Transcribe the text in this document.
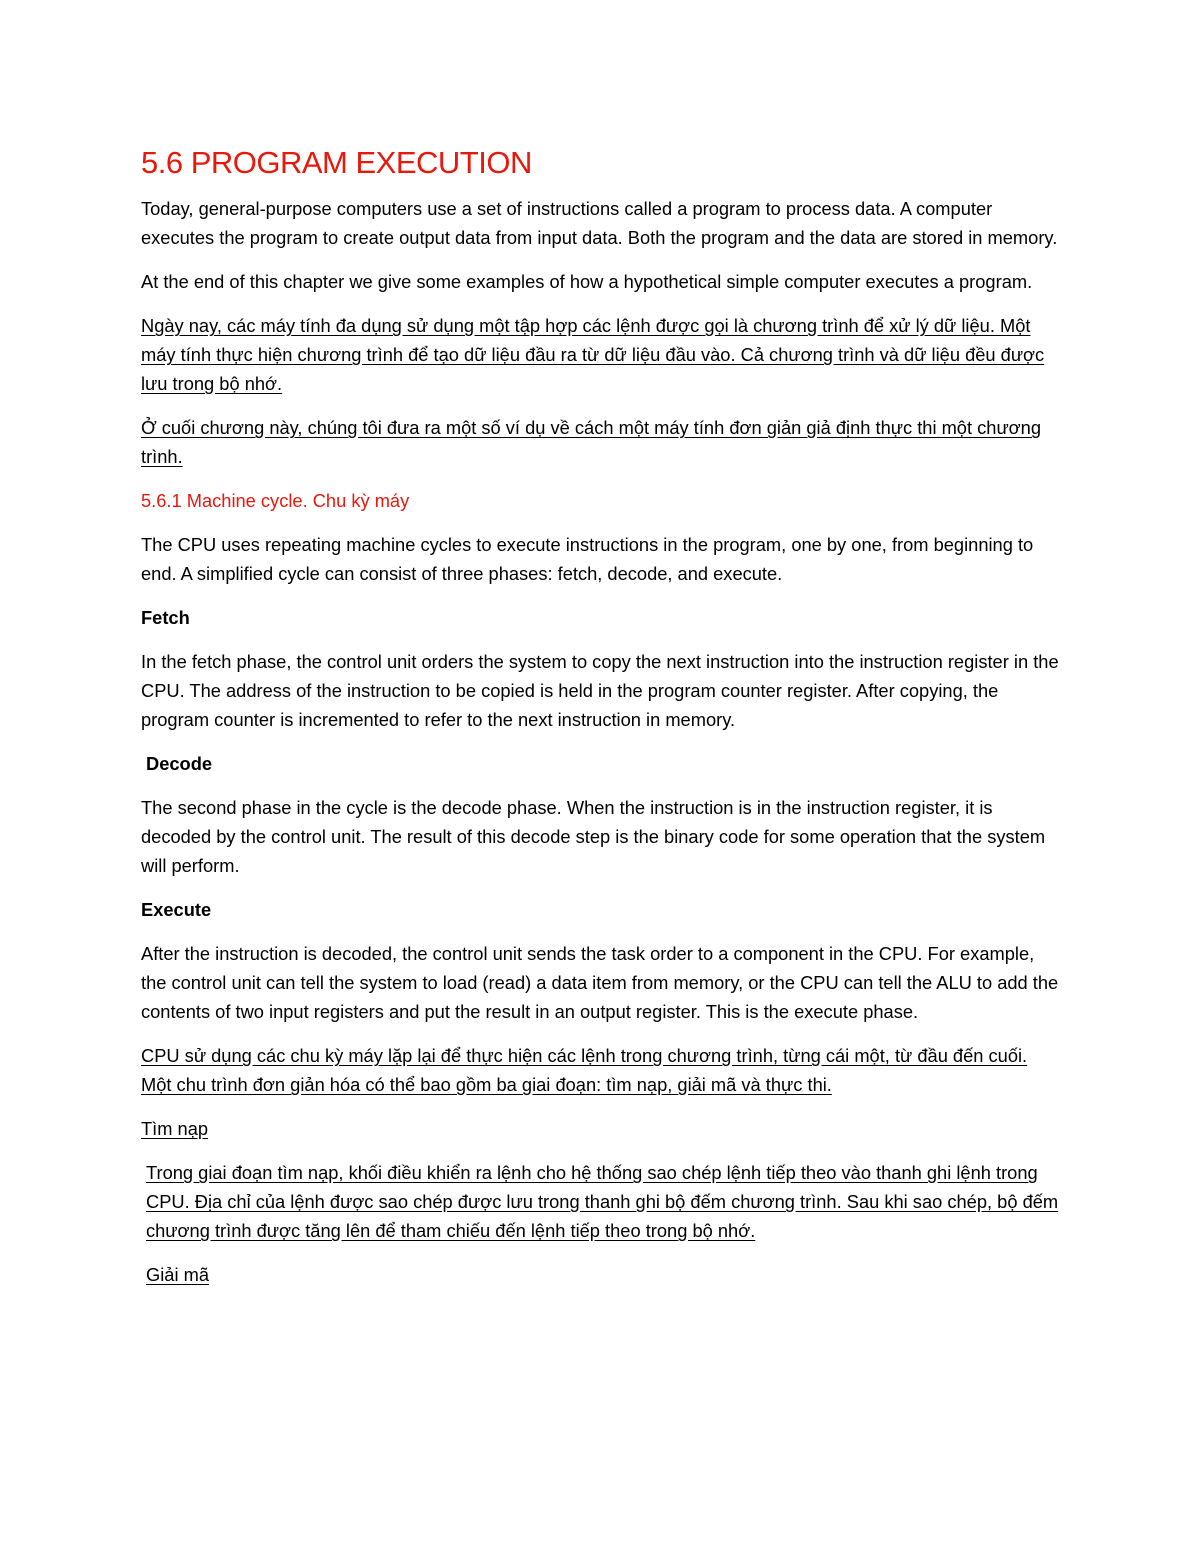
5.6 PROGRAM EXECUTION

Today, general-purpose computers use a set of instructions called a program to process data. A computer executes the program to create output data from input data. Both the program and the data are stored in memory.

At the end of this chapter we give some examples of how a hypothetical simple computer executes a program.

Ngày nay, các máy tính đa dụng sử dụng một tập hợp các lệnh được gọi là chương trình để xử lý dữ liệu. Một máy tính thực hiện chương trình để tạo dữ liệu đầu ra từ dữ liệu đầu vào. Cả chương trình và dữ liệu đều được lưu trong bộ nhớ.

Ở cuối chương này, chúng tôi đưa ra một số ví dụ về cách một máy tính đơn giản giả định thực thi một chương trình.

5.6.1 Machine cycle. Chu kỳ máy

The CPU uses repeating machine cycles to execute instructions in the program, one by one, from beginning to end. A simplified cycle can consist of three phases: fetch, decode, and execute.

Fetch

In the fetch phase, the control unit orders the system to copy the next instruction into the instruction register in the CPU. The address of the instruction to be copied is held in the program counter register. After copying, the program counter is incremented to refer to the next instruction in memory.

Decode

The second phase in the cycle is the decode phase. When the instruction is in the instruction register, it is decoded by the control unit. The result of this decode step is the binary code for some operation that the system will perform.

Execute

After the instruction is decoded, the control unit sends the task order to a component in the CPU. For example, the control unit can tell the system to load (read) a data item from memory, or the CPU can tell the ALU to add the contents of two input registers and put the result in an output register. This is the execute phase.

CPU sử dụng các chu kỳ máy lặp lại để thực hiện các lệnh trong chương trình, từng cái một, từ đầu đến cuối. Một chu trình đơn giản hóa có thể bao gồm ba giai đoạn: tìm nạp, giải mã và thực thi.

Tìm nạp

Trong giai đoạn tìm nạp, khối điều khiển ra lệnh cho hệ thống sao chép lệnh tiếp theo vào thanh ghi lệnh trong CPU. Địa chỉ của lệnh được sao chép được lưu trong thanh ghi bộ đếm chương trình. Sau khi sao chép, bộ đếm chương trình được tăng lên để tham chiếu đến lệnh tiếp theo trong bộ nhớ.

Giải mã
